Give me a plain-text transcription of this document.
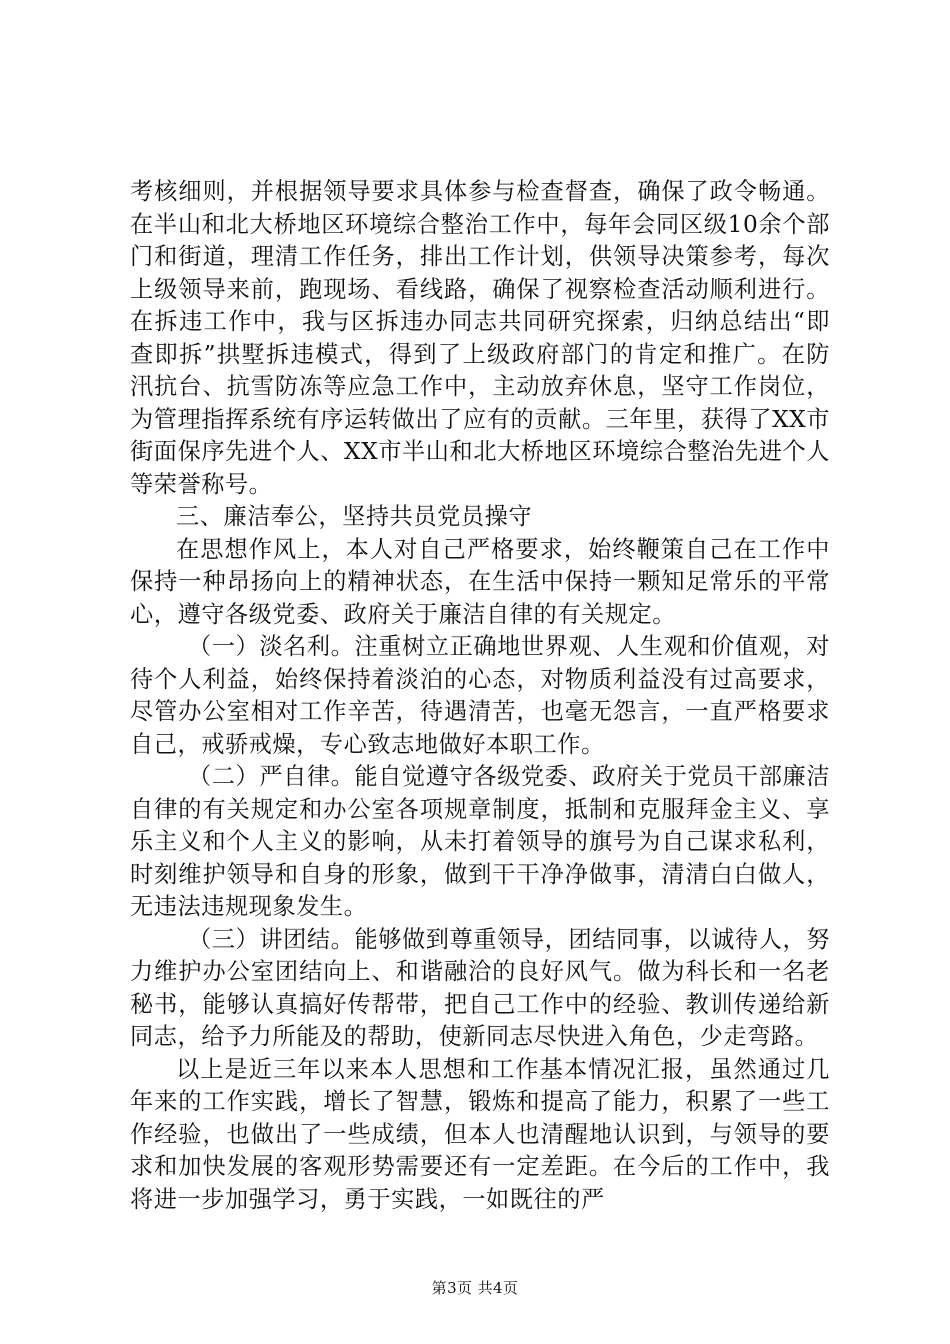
考核细则，并根据领导要求具体参与检查督查，确保了政令畅通。在半山和北大桥地区环境综合整治工作中，每年会同区级10余个部门和街道，理清工作任务，排出工作计划，供领导决策参考，每次上级领导来前，跑现场、看线路，确保了视察检查活动顺利进行。在拆违工作中，我与区拆违办同志共同研究探索，归纳总结出“即查即拆”拱墅拆违模式，得到了上级政府部门的肯定和推广。在防汛抗台、抗雪防冻等应急工作中，主动放弃休息，坚守工作岗位，为管理指挥系统有序运转做出了应有的贡献。三年里，获得了XX市街面保序先进个人、XX市半山和北大桥地区环境综合整治先进个人等荣誉称号。

三、廉洁奉公，坚持共员党员操守

在思想作风上，本人对自己严格要求，始终鞭策自己在工作中保持一种昂扬向上的精神状态，在生活中保持一颗知足常乐的平常心，遵守各级党委、政府关于廉洁自律的有关规定。

（一）淡名利。注重树立正确地世界观、人生观和价值观，对待个人利益，始终保持着淡泊的心态，对物质利益没有过高要求，尽管办公室相对工作辛苦，待遇清苦，也毫无怨言，一直严格要求自己，戒骄戒燥，专心致志地做好本职工作。

（二）严自律。能自觉遵守各级党委、政府关于党员干部廉洁自律的有关规定和办公室各项规章制度，抵制和克服拜金主义、享乐主义和个人主义的影响，从未打着领导的旗号为自己谋求私利，时刻维护领导和自身的形象，做到干干净净做事，清清白白做人，无违法违规现象发生。

（三）讲团结。能够做到尊重领导，团结同事，以诚待人，努力维护办公室团结向上、和谐融洽的良好风气。做为科长和一名老秘书，能够认真搞好传帮带，把自己工作中的经验、教训传递给新同志，给予力所能及的帮助，使新同志尽快进入角色，少走弯路。

以上是近三年以来本人思想和工作基本情况汇报，虽然通过几年来的工作实践，增长了智慧，锻炼和提高了能力，积累了一些工作经验，也做出了一些成绩，但本人也清醒地认识到，与领导的要求和加快发展的客观形势需要还有一定差距。在今后的工作中，我将进一步加强学习，勇于实践，一如既往的严

第3页 共4页
